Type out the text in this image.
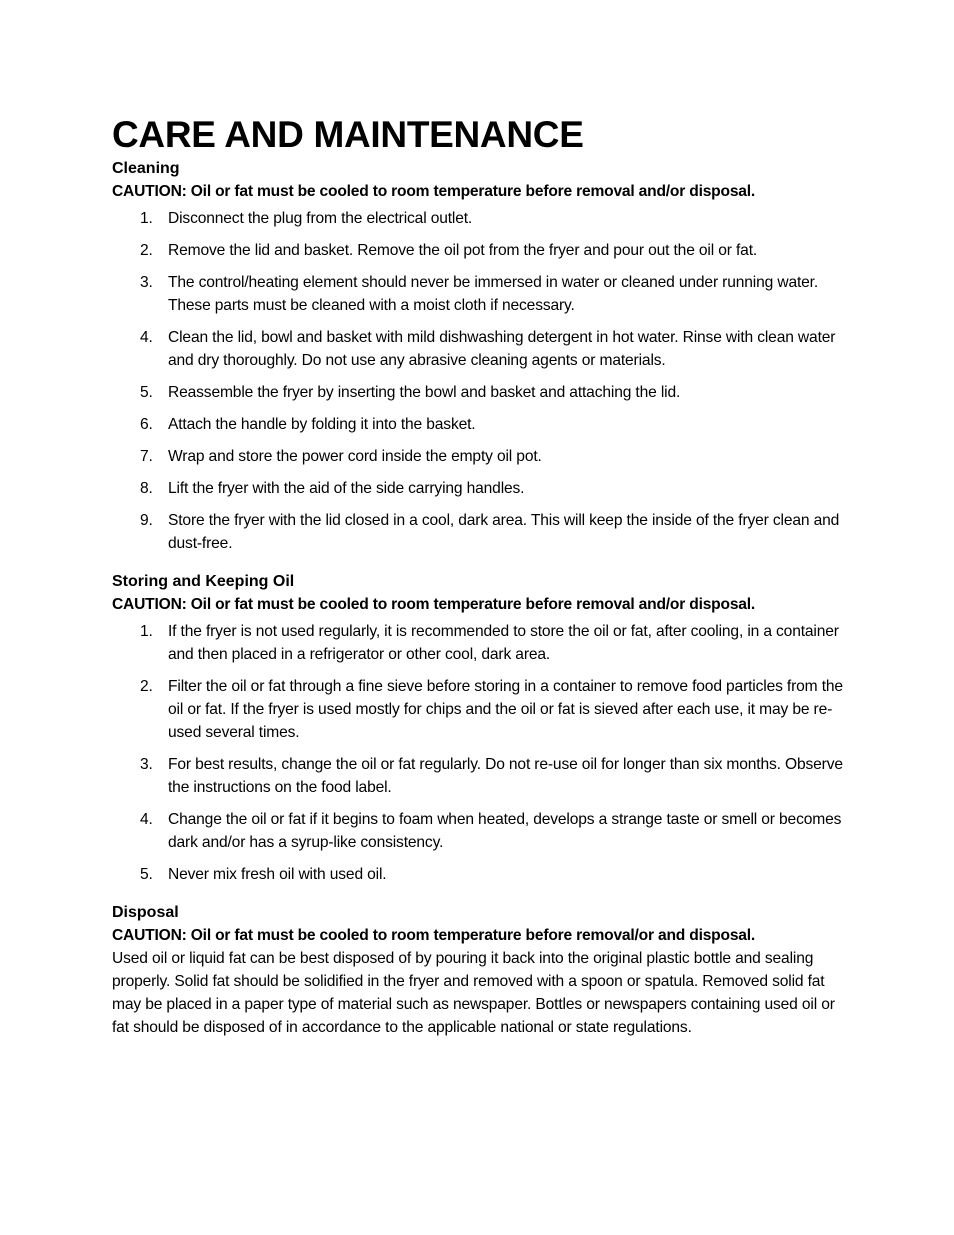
CARE AND MAINTENANCE

Cleaning

CAUTION: Oil or fat must be cooled to room temperature before removal and/or disposal.

1. Disconnect the plug from the electrical outlet.
2. Remove the lid and basket. Remove the oil pot from the fryer and pour out the oil or fat.
3. The control/heating element should never be immersed in water or cleaned under running water. These parts must be cleaned with a moist cloth if necessary.
4. Clean the lid, bowl and basket with mild dishwashing detergent in hot water. Rinse with clean water and dry thoroughly. Do not use any abrasive cleaning agents or materials.
5. Reassemble the fryer by inserting the bowl and basket and attaching the lid.
6. Attach the handle by folding it into the basket.
7. Wrap and store the power cord inside the empty oil pot.
8. Lift the fryer with the aid of the side carrying handles.
9. Store the fryer with the lid closed in a cool, dark area. This will keep the inside of the fryer clean and dust-free.

Storing and Keeping Oil

CAUTION: Oil or fat must be cooled to room temperature before removal and/or disposal.

1. If the fryer is not used regularly, it is recommended to store the oil or fat, after cooling, in a container and then placed in a refrigerator or other cool, dark area.
2. Filter the oil or fat through a fine sieve before storing in a container to remove food particles from the oil or fat. If the fryer is used mostly for chips and the oil or fat is sieved after each use, it may be re-used several times.
3. For best results, change the oil or fat regularly. Do not re-use oil for longer than six months. Observe the instructions on the food label.
4. Change the oil or fat if it begins to foam when heated, develops a strange taste or smell or becomes dark and/or has a syrup-like consistency.
5. Never mix fresh oil with used oil.

Disposal

CAUTION: Oil or fat must be cooled to room temperature before removal/or and disposal.

Used oil or liquid fat can be best disposed of by pouring it back into the original plastic bottle and sealing properly. Solid fat should be solidified in the fryer and removed with a spoon or spatula. Removed solid fat may be placed in a paper type of material such as newspaper. Bottles or newspapers containing used oil or fat should be disposed of in accordance to the applicable national or state regulations.
